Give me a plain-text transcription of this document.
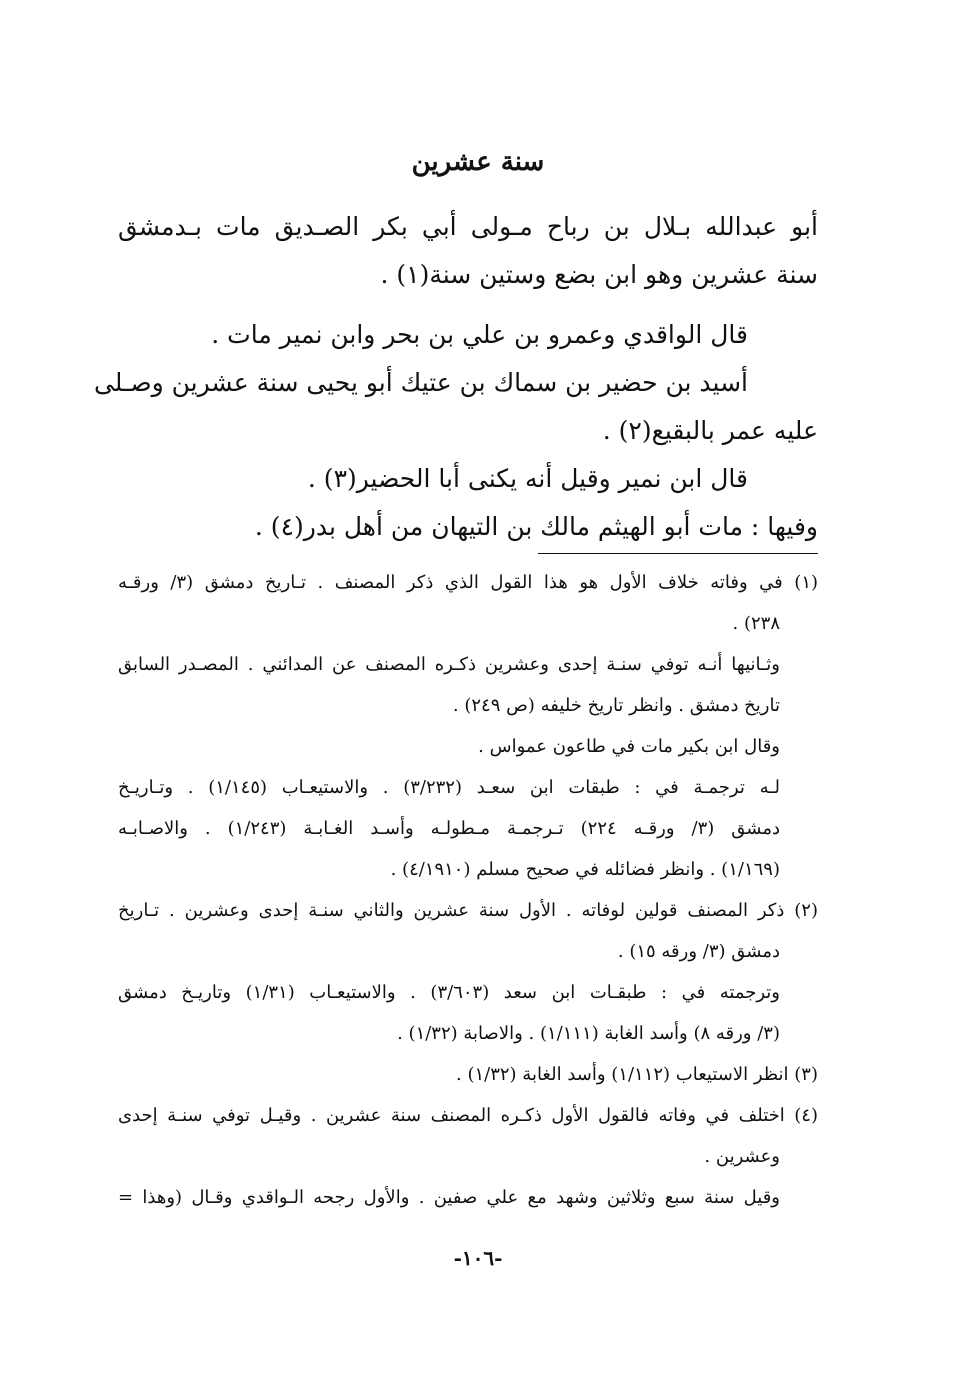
سنة عشرين
أبو عبدالله بـلال بن رباح مـولى أبي بكر الصـديق مات بـدمشق
سنة عشرين وهو ابن بضع وستين سنة(١) .
قال الواقدي وعمرو بن علي بن بحر وابن نمير مات .
أسيد بن حضير بن سماك بن عتيك أبو يحيى سنة عشرين وصـلى
عليه عمر بالبقيع(٢) .
قال ابن نمير وقيل أنه يكنى أبا الحضير(٣) .
وفيها : مات أبو الهيثم مالك بن التيهان من أهل بدر(٤) .
(١) في وفاته خلاف الأول هو هذا القول الذي ذكر المصنف . تـاريخ دمشق (٣/ ورقـه
٢٣٨) .
وثـانيها أنـه توفي سنـة إحدى وعشرين ذكـره المصنف عن المدائني . المصـدر السابق
تاريخ دمشق . وانظر تاريخ خليفه (ص ٢٤٩) .
وقال ابن بكير مات في طاعون عمواس .
لـه ترجمـة في : طبقات ابن سعـد (٣/٢٣٢) . والاستيعـاب (١/١٤٥) . وتـاريـخ
دمشق (٣/ ورقـه ٢٢٤) تـرجمـة مـطولـه وأسـد الغـابـة (١/٢٤٣) . والاصـابـه
(١/١٦٩) . وانظر فضائله في صحيح مسلم (٤/١٩١٠) .
(٢) ذكر المصنف قولين لوفاته . الأول سنة عشرين والثاني سنـة إحدى وعشرين . تـاريخ
دمشق (٣/ ورقه ١٥) .
وترجمته في : طبقـات ابن سعد (٣/٦٠٣) . والاستيعـاب (١/٣١) وتاريـخ دمشق
(٣/ ورقه ٨) وأسد الغابة (١/١١١) . والاصابة (١/٣٢) .
(٣) انظر الاستيعاب (١/١١٢) وأسد الغابة (١/٣٢) .
(٤) اختلف في وفاته فالقول الأول ذكـره المصنف سنة عشرين . وقيـل توفي سنـة إحدى
وعشرين .
وقيل سنة سبع وثلاثين وشهد مع علي صفين . والأول رجحه الـواقدي وقـال (وهذا =
-١٠٦-
